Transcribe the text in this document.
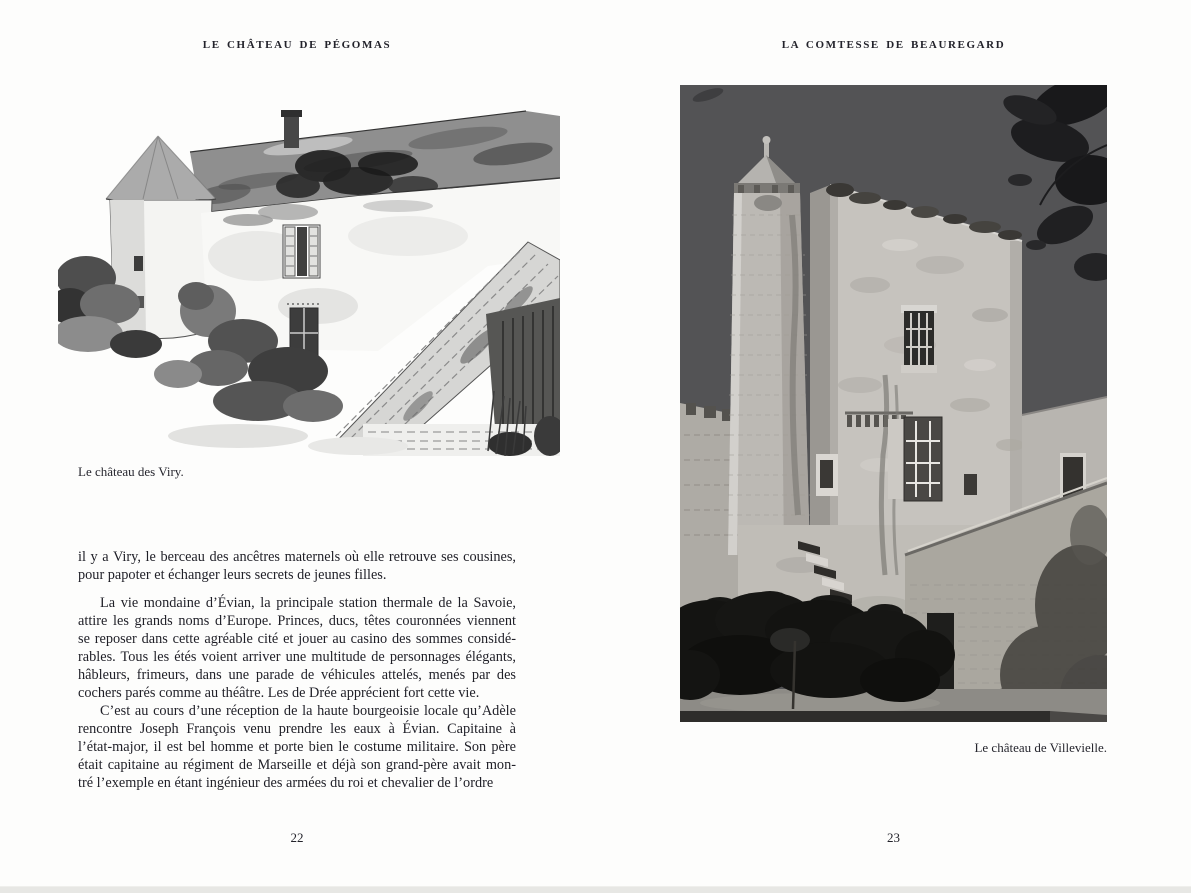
LE CHÂTEAU DE PÉGOMAS
Le château des Viry.
il y a Viry, le berceau des ancêtres maternels où elle retrouve ses cousines,
pour papoter et échanger leurs secrets de jeunes filles.
La vie mondaine d’Évian, la principale station thermale de la Savoie,
attire les grands noms d’Europe. Princes, ducs, têtes couronnées viennent
se reposer dans cette agréable cité et jouer au casino des sommes considé-
rables. Tous les étés voient arriver une multitude de personnages élégants,
hâbleurs, frimeurs, dans une parade de véhicules attelés, menés par des
cochers parés comme au théâtre. Les de Drée apprécient fort cette vie.
C’est au cours d’une réception de la haute bourgeoisie locale qu’Adèle
rencontre Joseph François venu prendre les eaux à Évian. Capitaine à
l’état-major, il est bel homme et porte bien le costume militaire. Son père
était capitaine au régiment de Marseille et déjà son grand-père avait mon-
tré l’exemple en étant ingénieur des armées du roi et chevalier de l’ordre
22
LA COMTESSE DE BEAUREGARD
Le château de Villevielle.
23
